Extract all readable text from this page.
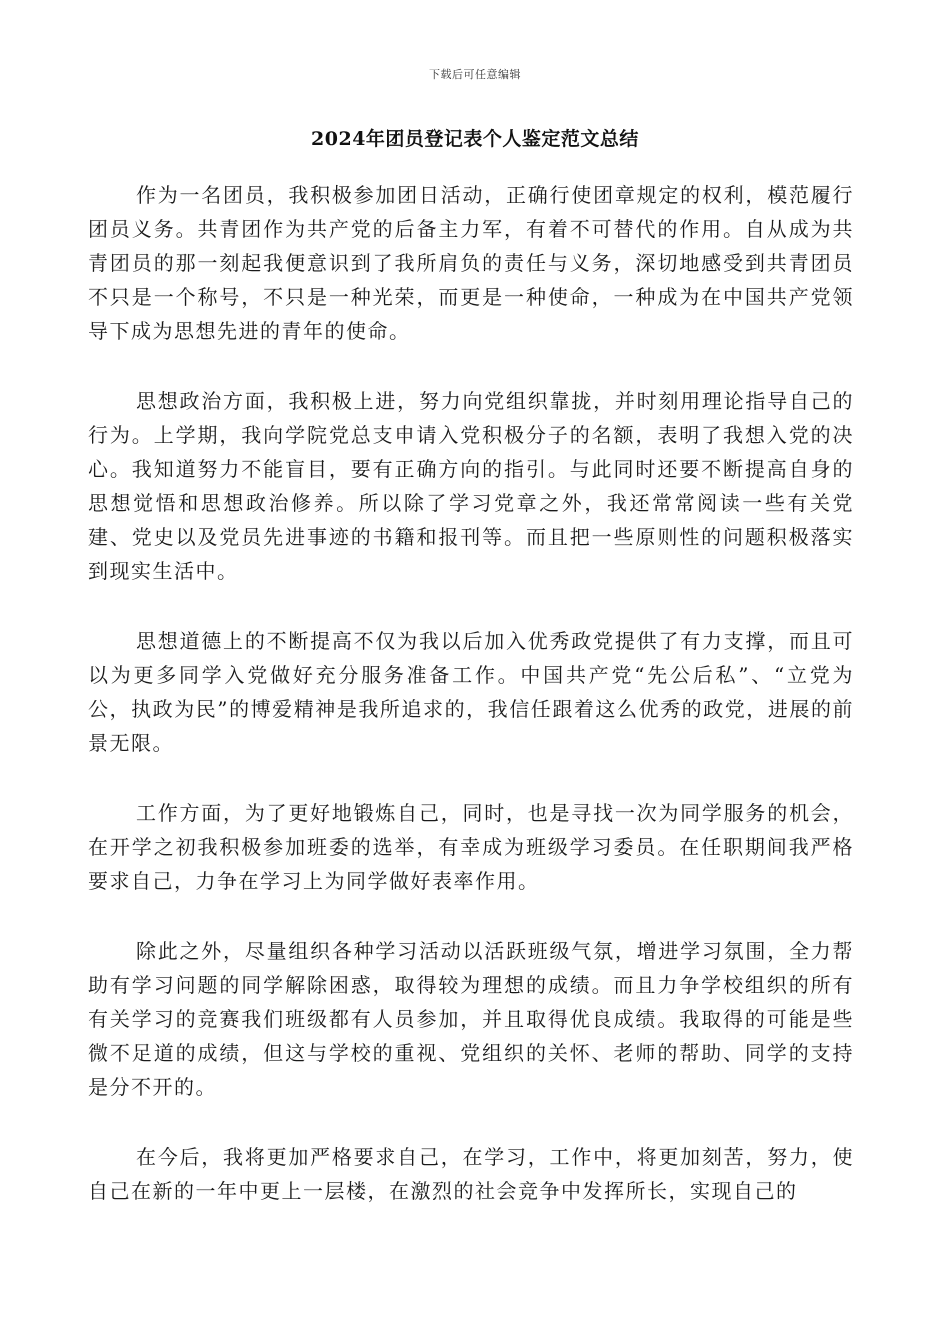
下载后可任意编辑
2024年团员登记表个人鉴定范文总结

作为一名团员，我积极参加团日活动，正确行使团章规定的权利，模范履行团员义务。共青团作为共产党的后备主力军，有着不可替代的作用。自从成为共青团员的那一刻起我便意识到了我所肩负的责任与义务，深切地感受到共青团员不只是一个称号，不只是一种光荣，而更是一种使命，一种成为在中国共产党领导下成为思想先进的青年的使命。

思想政治方面，我积极上进，努力向党组织靠拢，并时刻用理论指导自己的行为。上学期，我向学院党总支申请入党积极分子的名额，表明了我想入党的决心。我知道努力不能盲目，要有正确方向的指引。与此同时还要不断提高自身的思想觉悟和思想政治修养。所以除了学习党章之外，我还常常阅读一些有关党建、党史以及党员先进事迹的书籍和报刊等。而且把一些原则性的问题积极落实到现实生活中。

思想道德上的不断提高不仅为我以后加入优秀政党提供了有力支撑，而且可以为更多同学入党做好充分服务准备工作。中国共产党“先公后私”、“立党为公，执政为民”的博爱精神是我所追求的，我信任跟着这么优秀的政党，进展的前景无限。

工作方面，为了更好地锻炼自己，同时，也是寻找一次为同学服务的机会，在开学之初我积极参加班委的选举，有幸成为班级学习委员。在任职期间我严格要求自己，力争在学习上为同学做好表率作用。

除此之外，尽量组织各种学习活动以活跃班级气氛，增进学习氛围，全力帮助有学习问题的同学解除困惑，取得较为理想的成绩。而且力争学校组织的所有有关学习的竞赛我们班级都有人员参加，并且取得优良成绩。我取得的可能是些微不足道的成绩，但这与学校的重视、党组织的关怀、老师的帮助、同学的支持是分不开的。

在今后，我将更加严格要求自己，在学习，工作中，将更加刻苦，努力，使自己在新的一年中更上一层楼，在激烈的社会竞争中发挥所长，实现自己的
